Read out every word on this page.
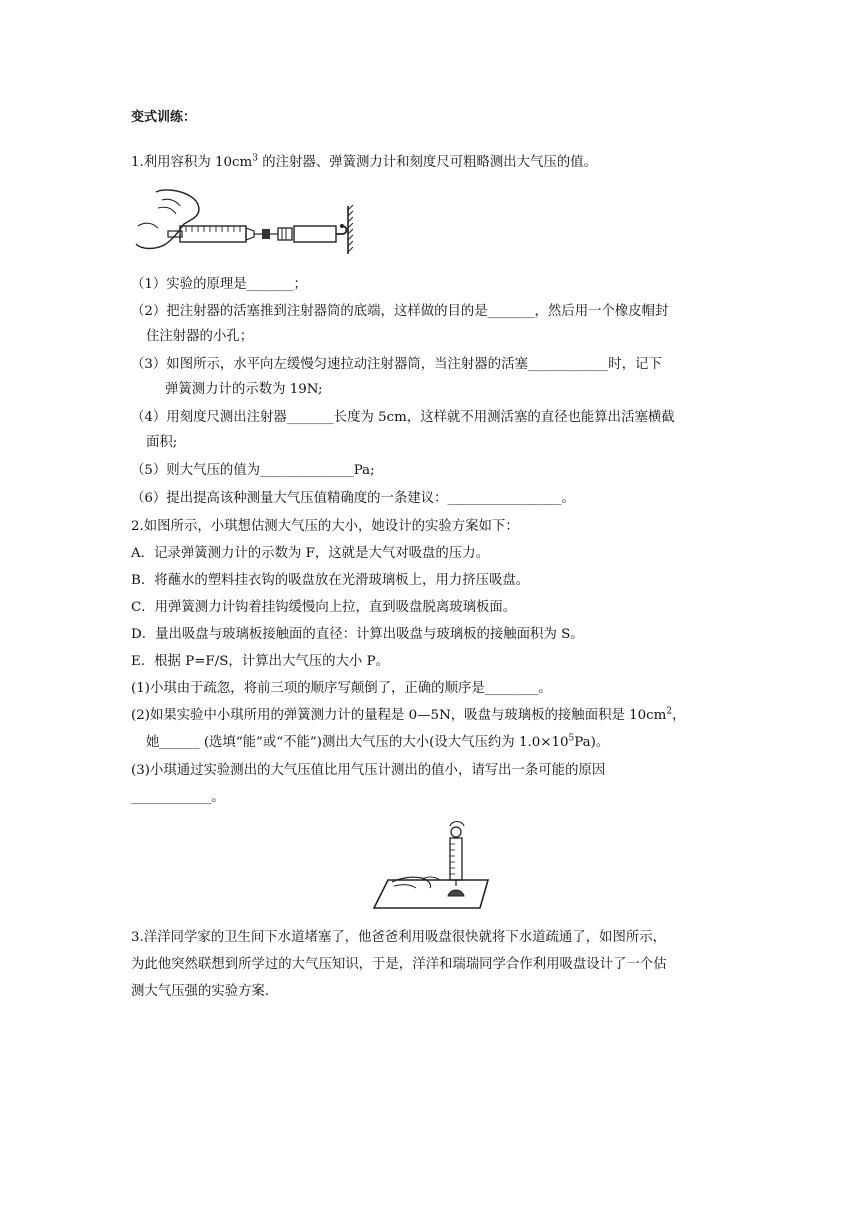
变式训练：
1.利用容积为 $10cm^3$ 的注射器、弹簧测力计和刻度尺可粗略测出大气压的值。
（1）实验的原理是_______；
（2）把注射器的活塞推到注射器筒的底端，这样做的目的是_______，然后用一个橡皮帽封
住注射器的小孔；
（3）如图所示，水平向左缓慢匀速拉动注射器筒，当注射器的活塞____________时，记下
弹簧测力计的示数为 19N;
（4）用刻度尺测出注射器_______长度为 5cm，这样就不用测活塞的直径也能算出活塞横截
面积;
（5）则大气压的值为______________Pa;
（6）提出提高该种测量大气压值精确度的一条建议：_________________。
2.如图所示，小琪想估测大气压的大小，她设计的实验方案如下：
A．记录弹簧测力计的示数为 F，这就是大气对吸盘的压力。
B．将蘸水的塑料挂衣钩的吸盘放在光滑玻璃板上，用力挤压吸盘。
C．用弹簧测力计钩着挂钩缓慢向上拉，直到吸盘脱离玻璃板面。
D．量出吸盘与玻璃板接触面的直径：计算出吸盘与玻璃板的接触面积为 S。
E．根据 P=F/S，计算出大气压的大小 P。
(1)小琪由于疏忽，将前三项的顺序写颠倒了，正确的顺序是________。
(2)如果实验中小琪所用的弹簧测力计的量程是 0—5N，吸盘与玻璃板的接触面积是 $10cm^2$，
她______ (选填“能”或“不能”)测出大气压的大小(设大气压约为 $1.0\times 10^5Pa$)。
(3)小琪通过实验测出的大气压值比用气压计测出的值小，请写出一条可能的原因
____________。
3.洋洋同学家的卫生间下水道堵塞了，他爸爸利用吸盘很快就将下水道疏通了，如图所示，
为此他突然联想到所学过的大气压知识，于是，洋洋和瑞瑞同学合作利用吸盘设计了一个估
测大气压强的实验方案.
